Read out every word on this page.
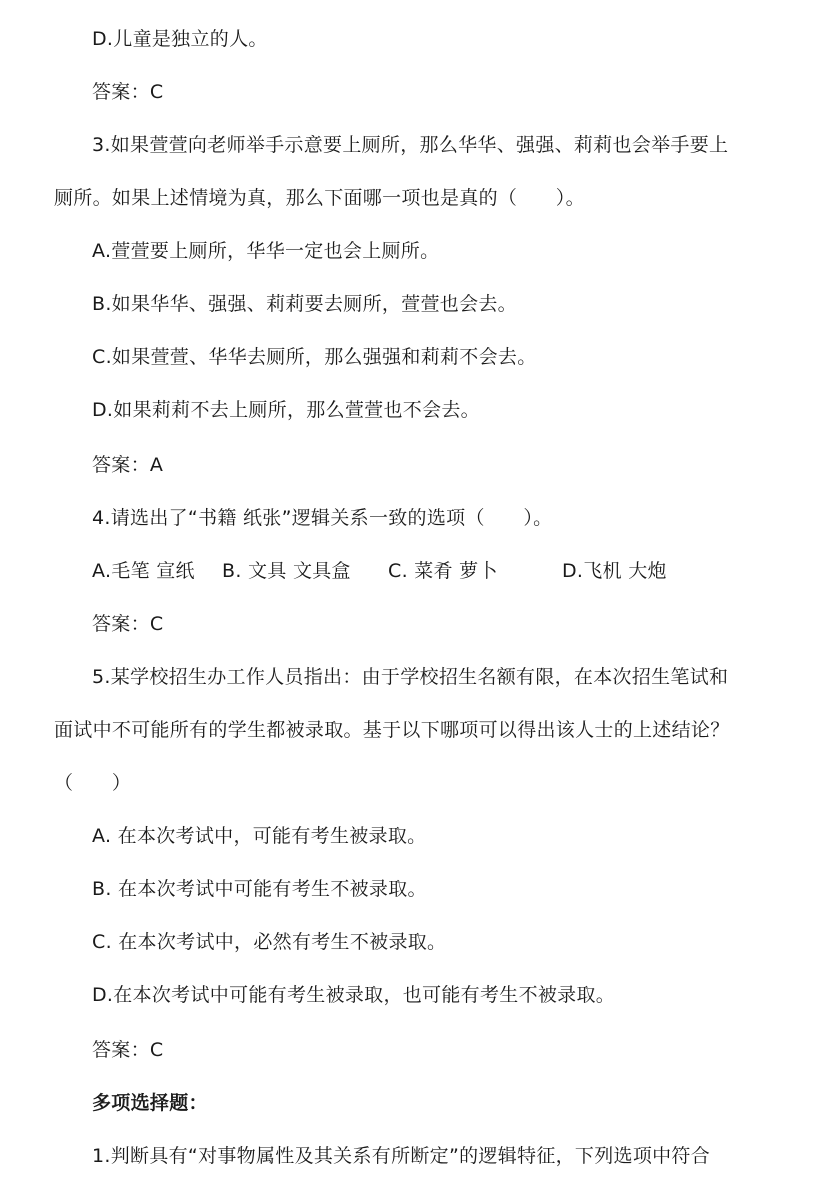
D.儿童是独立的人。
答案：C
3.如果萱萱向老师举手示意要上厕所，那么华华、强强、莉莉也会举手要上
厕所。如果上述情境为真，那么下面哪一项也是真的（　　）。
A.萱萱要上厕所，华华一定也会上厕所。
B.如果华华、强强、莉莉要去厕所，萱萱也会去。
C.如果萱萱、华华去厕所，那么强强和莉莉不会去。
D.如果莉莉不去上厕所，那么萱萱也不会去。
答案：A
4.请选出了“书籍 纸张”逻辑关系一致的选项（　　）。
A.毛笔 宣纸 B. 文具 文具盒 C. 菜肴 萝卜	D.飞机 大炮
答案：C
5.某学校招生办工作人员指出：由于学校招生名额有限，在本次招生笔试和
面试中不可能所有的学生都被录取。基于以下哪项可以得出该人士的上述结论？
（　　）
A. 在本次考试中，可能有考生被录取。
B. 在本次考试中可能有考生不被录取。
C. 在本次考试中，必然有考生不被录取。
D.在本次考试中可能有考生被录取，也可能有考生不被录取。
答案：C
多项选择题：
1.判断具有“对事物属性及其关系有所断定”的逻辑特征，下列选项中符合
